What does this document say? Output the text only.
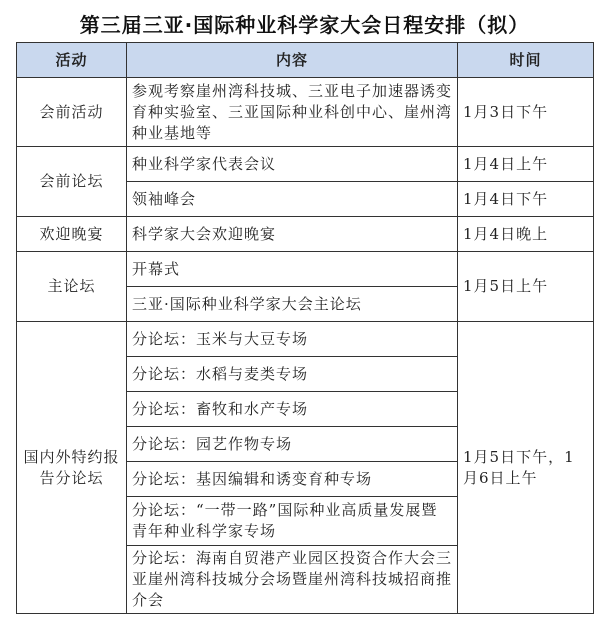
第三届三亚·国际种业科学家大会日程安排（拟）
活动	内容	时间
会前活动	参观考察崖州湾科技城、三亚电子加速器诱变育种实验室、三亚国际种业科创中心、崖州湾种业基地等	1月3日下午
会前论坛	种业科学家代表会议	1月4日上午
	领袖峰会	1月4日下午
欢迎晚宴	科学家大会欢迎晚宴	1月4日晚上
主论坛	开幕式	1月5日上午
	三亚·国际种业科学家大会主论坛	
国内外特约报告分论坛	分论坛：玉米与大豆专场	1月5日下午，1月6日上午
	分论坛：水稻与麦类专场	
	分论坛：畜牧和水产专场	
	分论坛：园艺作物专场	
	分论坛：基因编辑和诱变育种专场	
	分论坛：“一带一路”国际种业高质量发展暨青年种业科学家专场	
	分论坛：海南自贸港产业园区投资合作大会三亚崖州湾科技城分会场暨崖州湾科技城招商推介会	
